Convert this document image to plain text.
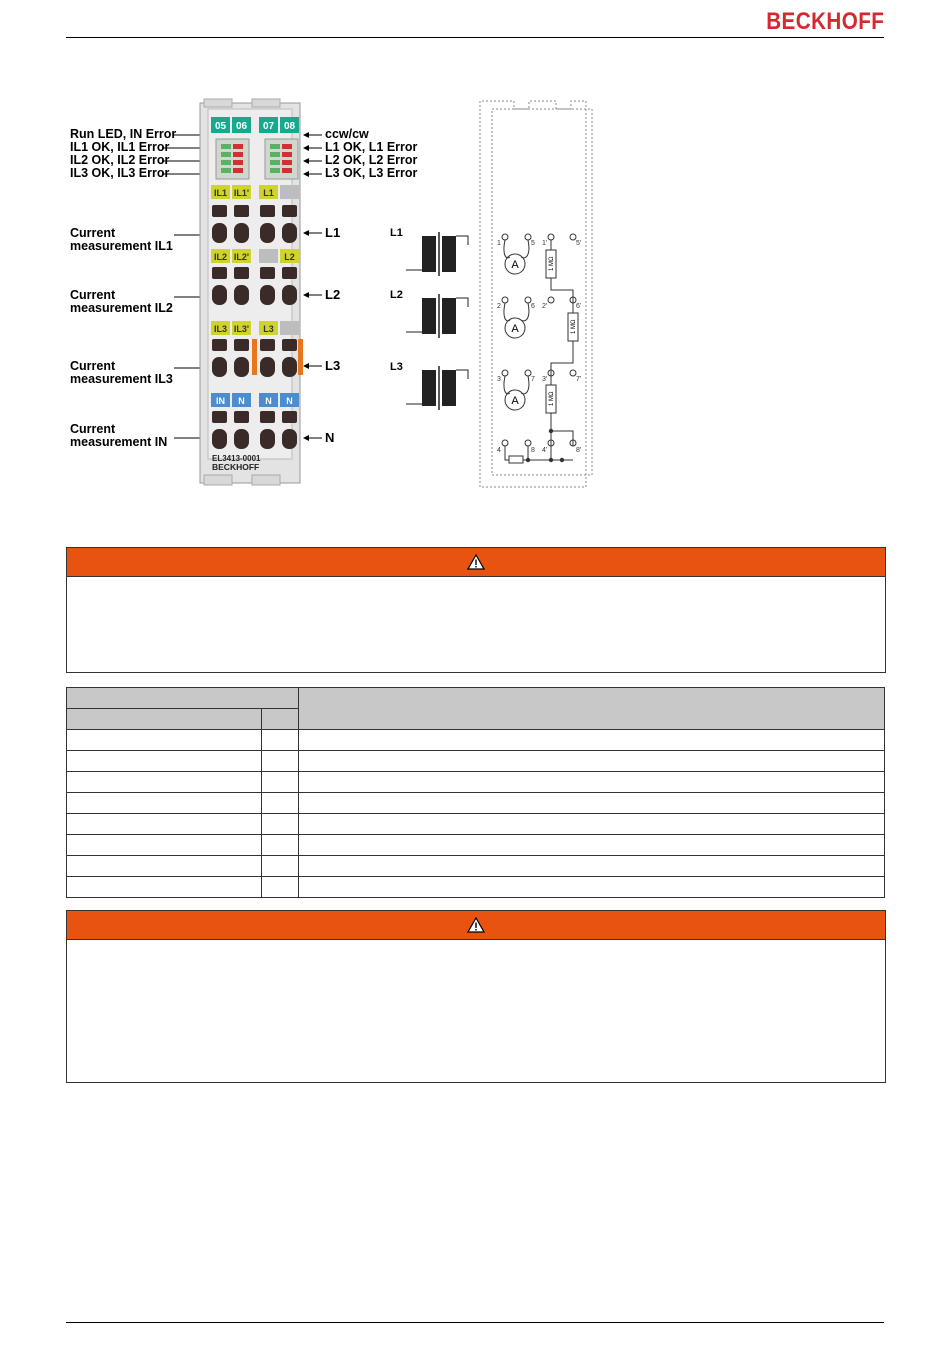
BECKHOFF
Run LED, IN Error
IL1 OK, IL1 Error
IL2 OK, IL2 Error
IL3 OK, IL3 Error
Current measurement IL1
Current measurement IL2
Current measurement IL3
Current measurement IN
ccw/cw
L1 OK, L1 Error
L2 OK, L2 Error
L3 OK, L3 Error
L1
L2
L3
N
05 06 07 08
IL1 IL1' L1
IL2 IL2'	L2
IL3 IL3' L3
IN N N N
EL3413-0001
BECKHOFF
L1
L2
L3
A
A
A
1 MΩ
1 MΩ
1 MΩ
1	5 1'	5'
2	6 2'	6'
3	7 3'	7'
4	8 4'	8'
